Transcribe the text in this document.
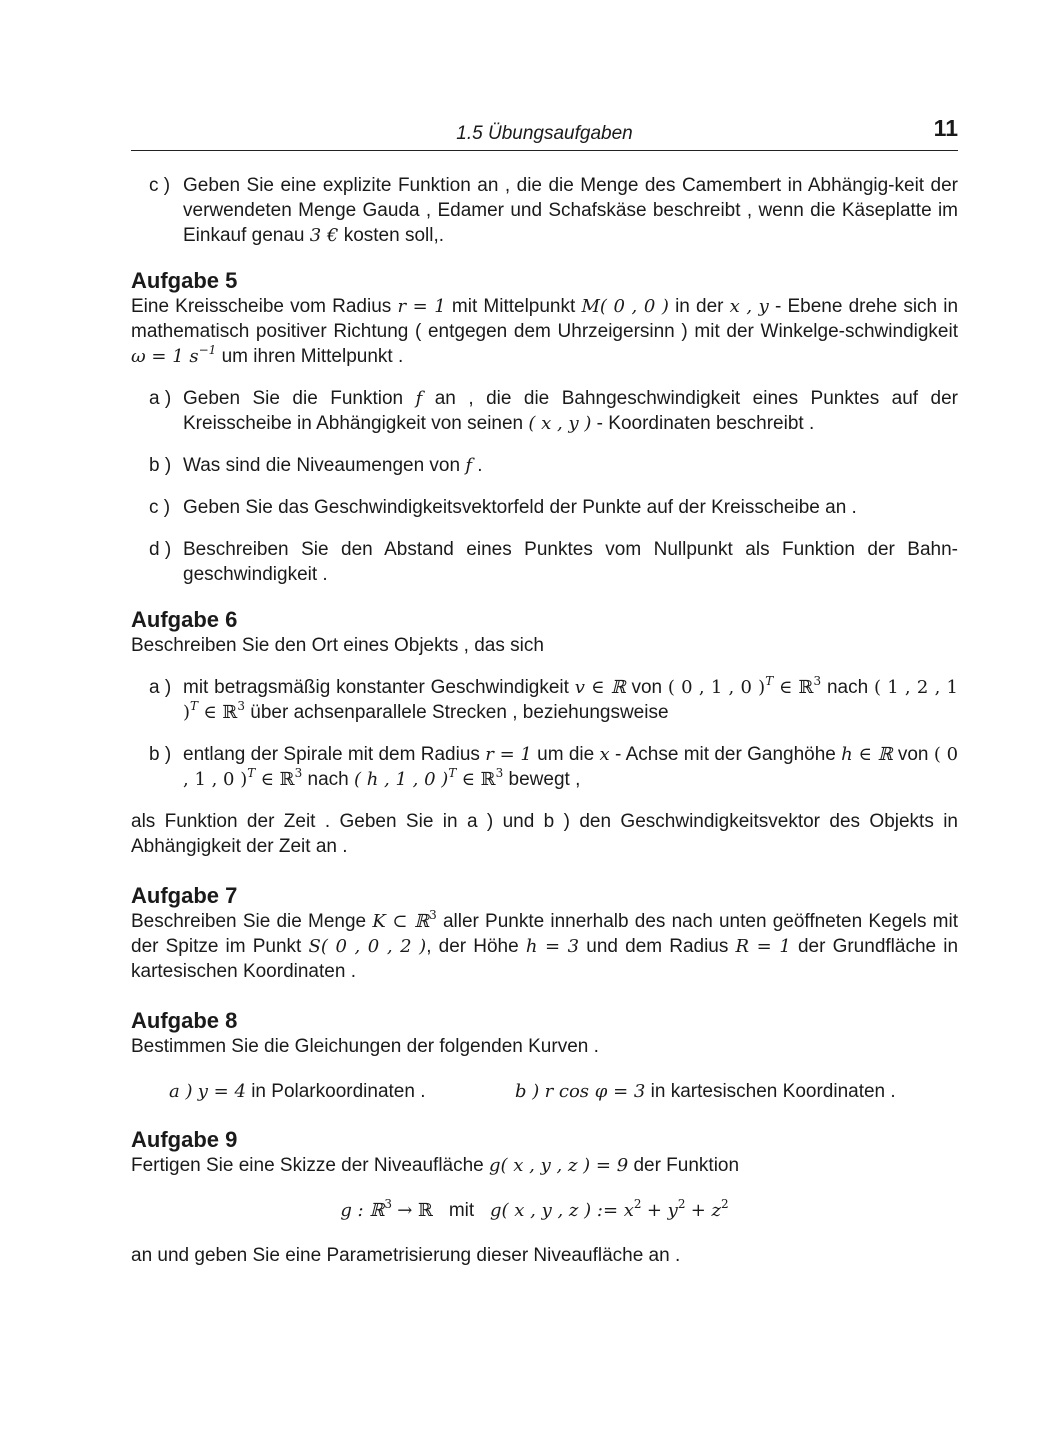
1.5 Übungsaufgaben	11
c ) Geben Sie eine explizite Funktion an , die die Menge des Camembert in Abhängig-keit der verwendeten Menge Gauda , Edamer und Schafskäse beschreibt , wenn die Käseplatte im Einkauf genau 3 € kosten soll,.
Aufgabe 5
Eine Kreisscheibe vom Radius r = 1 mit Mittelpunkt M( 0 , 0 ) in der x , y - Ebene drehe sich in mathematisch positiver Richtung ( entgegen dem Uhrzeigersinn ) mit der Winkelge-schwindigkeit ω = 1 $s^{-1}$ um ihren Mittelpunkt .
a ) Geben Sie die Funktion f an , die die Bahngeschwindigkeit eines Punktes auf der Kreisscheibe in Abhängigkeit von seinen ( x , y ) - Koordinaten beschreibt .
b ) Was sind die Niveaumengen von f .
c ) Geben Sie das Geschwindigkeitsvektorfeld der Punkte auf der Kreisscheibe an .
d ) Beschreiben Sie den Abstand eines Punktes vom Nullpunkt als Funktion der Bahn-geschwindigkeit .
Aufgabe 6
Beschreiben Sie den Ort eines Objekts , das sich
a ) mit betragsmäßig konstanter Geschwindigkeit v ∈ ℝ von ( 0 , 1 , 0 )$^T$ ∈ ℝ$^3$ nach ( 1 , 2 , 1 )$^T$ ∈ ℝ$^3$ über achsenparallele Strecken , beziehungsweise
b ) entlang der Spirale mit dem Radius r = 1 um die x - Achse mit der Ganghöhe h ∈ ℝ von ( 0 , 1 , 0 )$^T$ ∈ ℝ$^3$ nach ( h , 1 , 0 )$^T$ ∈ ℝ$^3$ bewegt ,
als Funktion der Zeit . Geben Sie in a ) und b ) den Geschwindigkeitsvektor des Objekts in Abhängigkeit der Zeit an .
Aufgabe 7
Beschreiben Sie die Menge K ⊂ ℝ$^3$ aller Punkte innerhalb des nach unten geöffneten Kegels mit der Spitze im Punkt S( 0 , 0 , 2 ), der Höhe h = 3 und dem Radius R = 1 der Grundfläche in kartesischen Koordinaten .
Aufgabe 8
Bestimmen Sie die Gleichungen der folgenden Kurven .
a ) y = 4 in Polarkoordinaten .	b ) r cos φ = 3 in kartesischen Koordinaten .
Aufgabe 9
Fertigen Sie eine Skizze der Niveaufläche g( x , y , z ) = 9 der Funktion
g : ℝ$^3$ → ℝ mit g( x , y , z ) := $x^2 + y^2 + z^2$
an und geben Sie eine Parametrisierung dieser Niveaufläche an .
